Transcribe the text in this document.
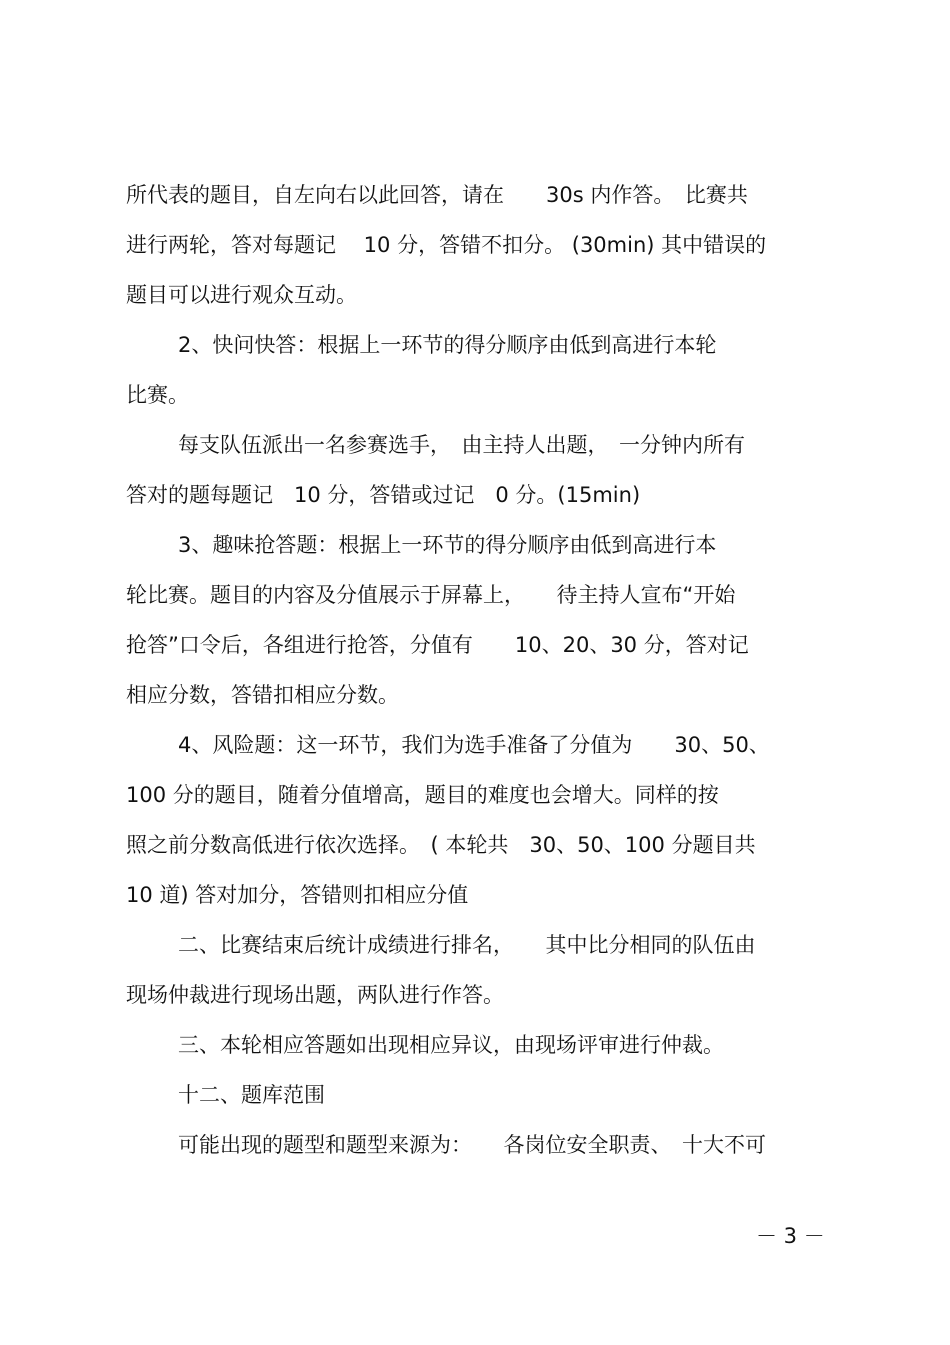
所代表的题目，自左向右以此回答，请在　　30s 内作答。　比赛共

进行两轮，答对每题记　 10 分，答错不扣分。 (30min) 其中错误的

题目可以进行观众互动。

2、快问快答：根据上一环节的得分顺序由低到高进行本轮

比赛。

每支队伍派出一名参赛选手，　由主持人出题，　一分钟内所有

答对的题每题记　10 分，答错或过记　0 分。(15min)

3、趣味抢答题：根据上一环节的得分顺序由低到高进行本

轮比赛。题目的内容及分值展示于屏幕上，　　待主持人宣布“开始

抢答”口令后，各组进行抢答，分值有　　10、20、30 分，答对记

相应分数，答错扣相应分数。

4、风险题：这一环节，我们为选手准备了分值为　　30、50、

100 分的题目，随着分值增高，题目的难度也会增大。同样的按

照之前分数高低进行依次选择。　( 本轮共　30、50、100 分题目共

10 道) 答对加分，答错则扣相应分值

二、比赛结束后统计成绩进行排名，　　其中比分相同的队伍由

现场仲裁进行现场出题，两队进行作答。

三、本轮相应答题如出现相应异议，由现场评审进行仲裁。

十二、题库范围

可能出现的题型和题型来源为：　　各岗位安全职责、　十大不可

－ 3 －
